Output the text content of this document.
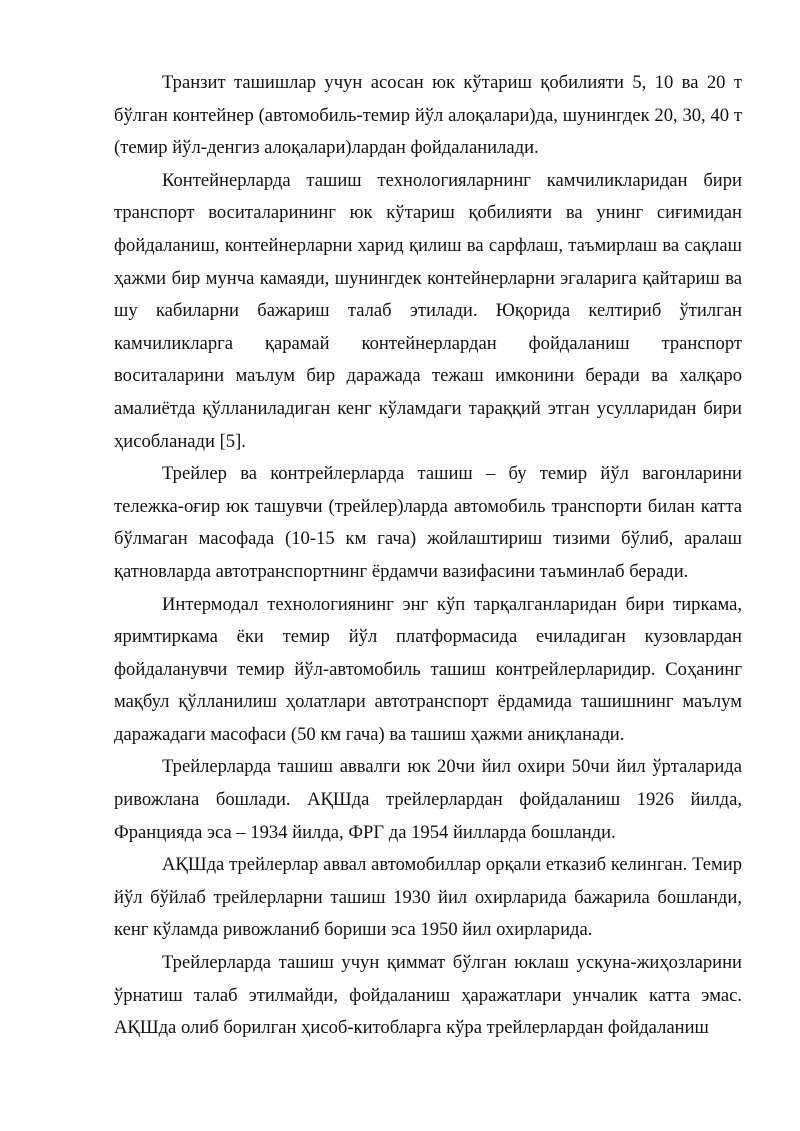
Транзит ташишлар учун асосан юк кўтариш қобилияти 5, 10 ва 20 т бўлган контейнер (автомобиль-темир йўл алоқалари)да, шунингдек 20, 30, 40 т (темир йўл-денгиз алоқалари)лардан фойдаланилади.

Контейнерларда ташиш технологияларнинг камчиликларидан бири транспорт воситаларининг юк кўтариш қобилияти ва унинг сиғимидан фойдаланиш, контейнерларни харид қилиш ва сарфлаш, таъмирлаш ва сақлаш ҳажми бир мунча камаяди, шунингдек контейнерларни эгаларига қайтариш ва шу кабиларни бажариш талаб этилади. Юқорида келтириб ўтилган камчиликларга қарамай контейнерлардан фойдаланиш транспорт воситаларини маълум бир даражада тежаш имконини беради ва халқаро амалиётда қўлланиладиган кенг кўламдаги тараққий этган усулларидан бири ҳисобланади [5].

Трейлер ва контрейлерларда ташиш – бу темир йўл вагонларини тележка-оғир юк ташувчи (трейлер)ларда автомобиль транспорти билан катта бўлмаган масофада (10-15 км гача) жойлаштириш тизими бўлиб, аралаш қатновларда автотранспортнинг ёрдамчи вазифасини таъминлаб беради.

Интермодал технологиянинг энг кўп тарқалганларидан бири тиркама, яримтиркама ёки темир йўл платформасида ечиладиган кузовлардан фойдаланувчи темир йўл-автомобиль ташиш контрейлерларидир. Соҳанинг мақбул қўлланилиш ҳолатлари автотранспорт ёрдамида ташишнинг маълум даражадаги масофаси (50 км гача) ва ташиш ҳажми аниқланади.

Трейлерларда ташиш аввалги юк 20чи йил охири 50чи йил ўрталарида ривожлана бошлади. АҚШда трейлерлардан фойдаланиш 1926 йилда, Францияда эса – 1934 йилда, ФРГ да 1954 йилларда бошланди.

АҚШда трейлерлар аввал автомобиллар орқали етказиб келинган. Темир йўл бўйлаб трейлерларни ташиш 1930 йил охирларида бажарила бошланди, кенг кўламда ривожланиб бориши эса 1950 йил охирларида.

Трейлерларда ташиш учун қиммат бўлган юклаш ускуна-жиҳозларини ўрнатиш талаб этилмайди, фойдаланиш ҳаражатлари унчалик катта эмас. АҚШда олиб борилган ҳисоб-китобларга кўра трейлерлардан фойдаланиш
